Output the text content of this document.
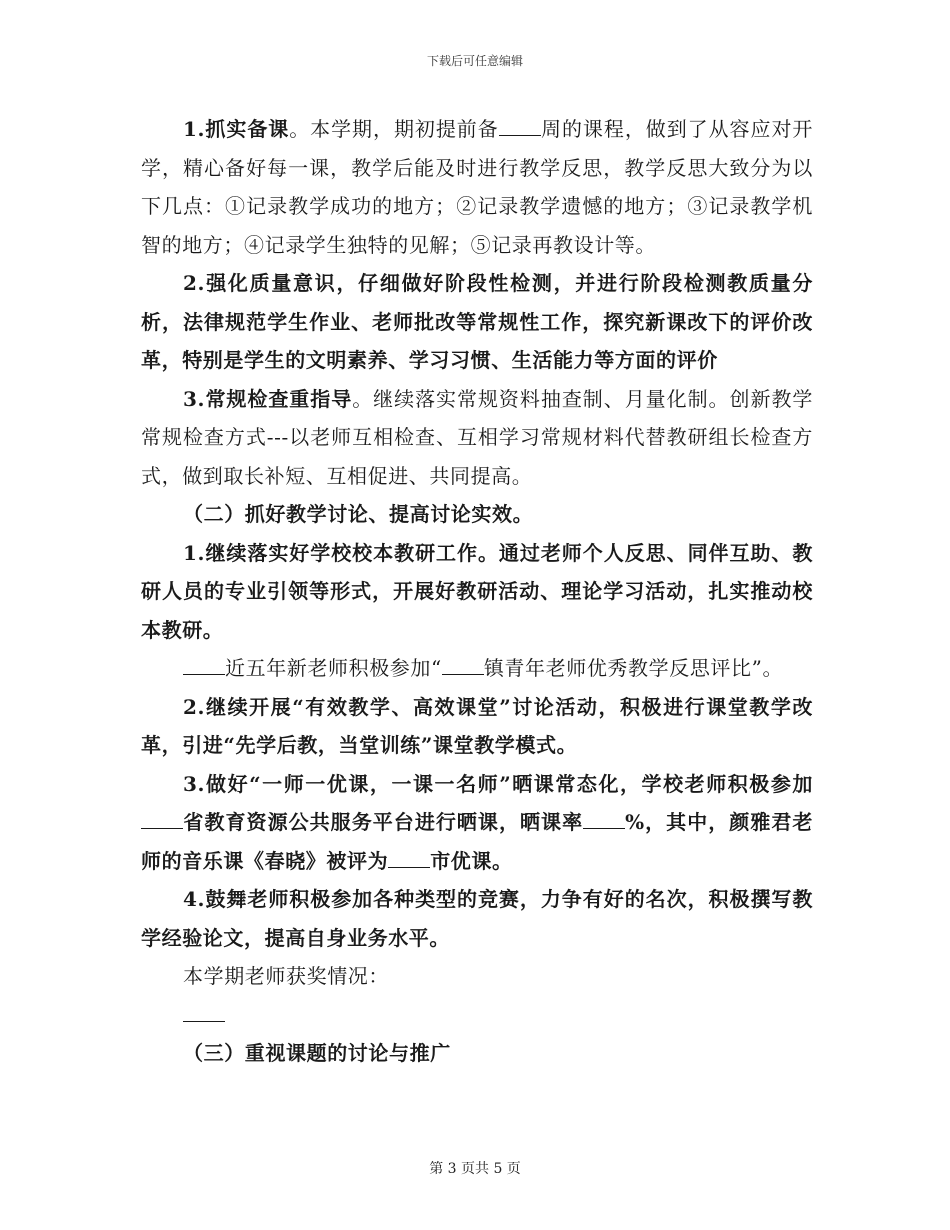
下载后可任意编辑

1.抓实备课。本学期，期初提前备 周的课程，做到了从容应对开学，精心备好每一课，教学后能及时进行教学反思，教学反思大致分为以下几点：①记录教学成功的地方；②记录教学遗憾的地方；③记录教学机智的地方；④记录学生独特的见解；⑤记录再教设计等。

2.强化质量意识，仔细做好阶段性检测，并进行阶段检测教质量分析，法律规范学生作业、老师批改等常规性工作，探究新课改下的评价改革，特别是学生的文明素养、学习习惯、生活能力等方面的评价

3.常规检查重指导。继续落实常规资料抽查制、月量化制。创新教学常规检查方式---以老师互相检查、互相学习常规材料代替教研组长检查方式，做到取长补短、互相促进、共同提高。

（二）抓好教学讨论、提高讨论实效。

1.继续落实好学校校本教研工作。通过老师个人反思、同伴互助、教研人员的专业引领等形式，开展好教研活动、理论学习活动，扎实推动校本教研。

近五年新老师积极参加“ 镇青年老师优秀教学反思评比”。

2.继续开展“有效教学、高效课堂”讨论活动，积极进行课堂教学改革，引进“先学后教，当堂训练”课堂教学模式。

3.做好“一师一优课，一课一名师”晒课常态化，学校老师积极参加省教育资源公共服务平台进行晒课，晒课率 %，其中，颜雅君老师的音乐课《春晓》被评为 市优课。

4.鼓舞老师积极参加各种类型的竞赛，力争有好的名次，积极撰写教学经验论文，提高自身业务水平。

本学期老师获奖情况：

（三）重视课题的讨论与推广

第 3 页共 5 页
